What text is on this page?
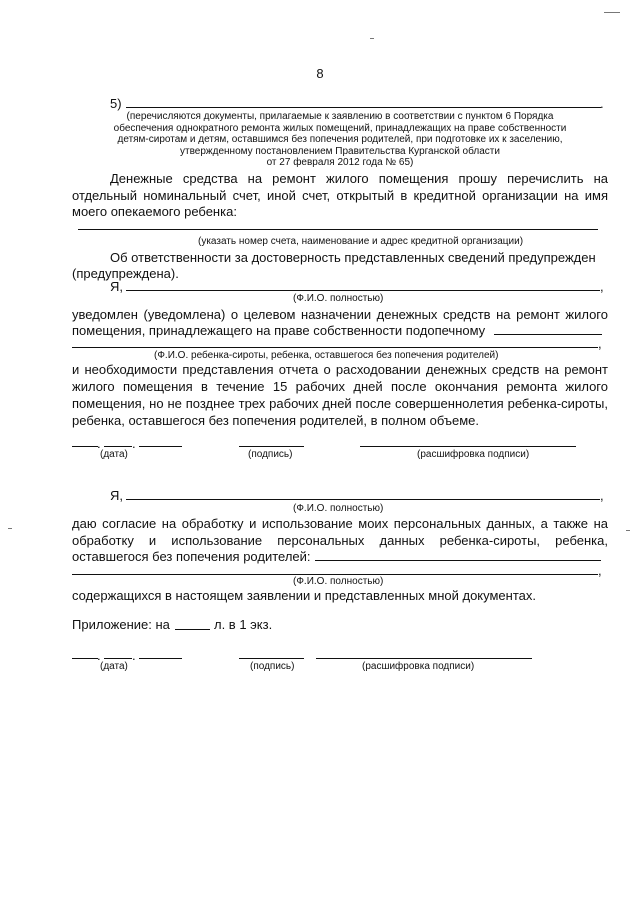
8
5)	.
(перечисляются документы, прилагаемые к заявлению в соответствии с пунктом 6 Порядка
обеспечения однократного ремонта жилых помещений, принадлежащих на праве собственности
детям-сиротам и детям, оставшимся без попечения родителей, при подготовке их к заселению,
утвержденному постановлением Правительства Курганской области
от 27 февраля 2012 года № 65)
Денежные средства на ремонт жилого помещения прошу перечислить на
отдельный номинальный счет, иной счет, открытый в кредитной организации на имя
моего опекаемого ребенка:
(указать номер счета, наименование и адрес кредитной организации)
Об ответственности за достоверность представленных сведений предупрежден
(предупреждена).
Я,	,
(Ф.И.О. полностью)
уведомлен (уведомлена) о целевом назначении денежных средств на ремонт жилого
помещения, принадлежащего на праве собственности подопечному
,
(Ф.И.О. ребенка-сироты, ребенка, оставшегося без попечения родителей)
и необходимости представления отчета о расходовании денежных средств на ремонт
жилого помещения в течение 15 рабочих дней после окончания ремонта жилого
помещения, но не позднее трех рабочих дней после совершеннолетия ребенка-сироты,
ребенка, оставшегося без попечения родителей, в полном объеме.
. .
(дата)	(подпись)	(расшифровка подписи)
Я,	,
(Ф.И.О. полностью)
даю согласие на обработку и использование моих персональных данных, а также на
обработку и использование персональных данных ребенка-сироты, ребенка,
оставшегося без попечения родителей:
,
(Ф.И.О. полностью)
содержащихся в настоящем заявлении и представленных мной документах.
Приложение: на	л. в 1 экз.
. .
(дата)	(подпись)	(расшифровка подписи)
